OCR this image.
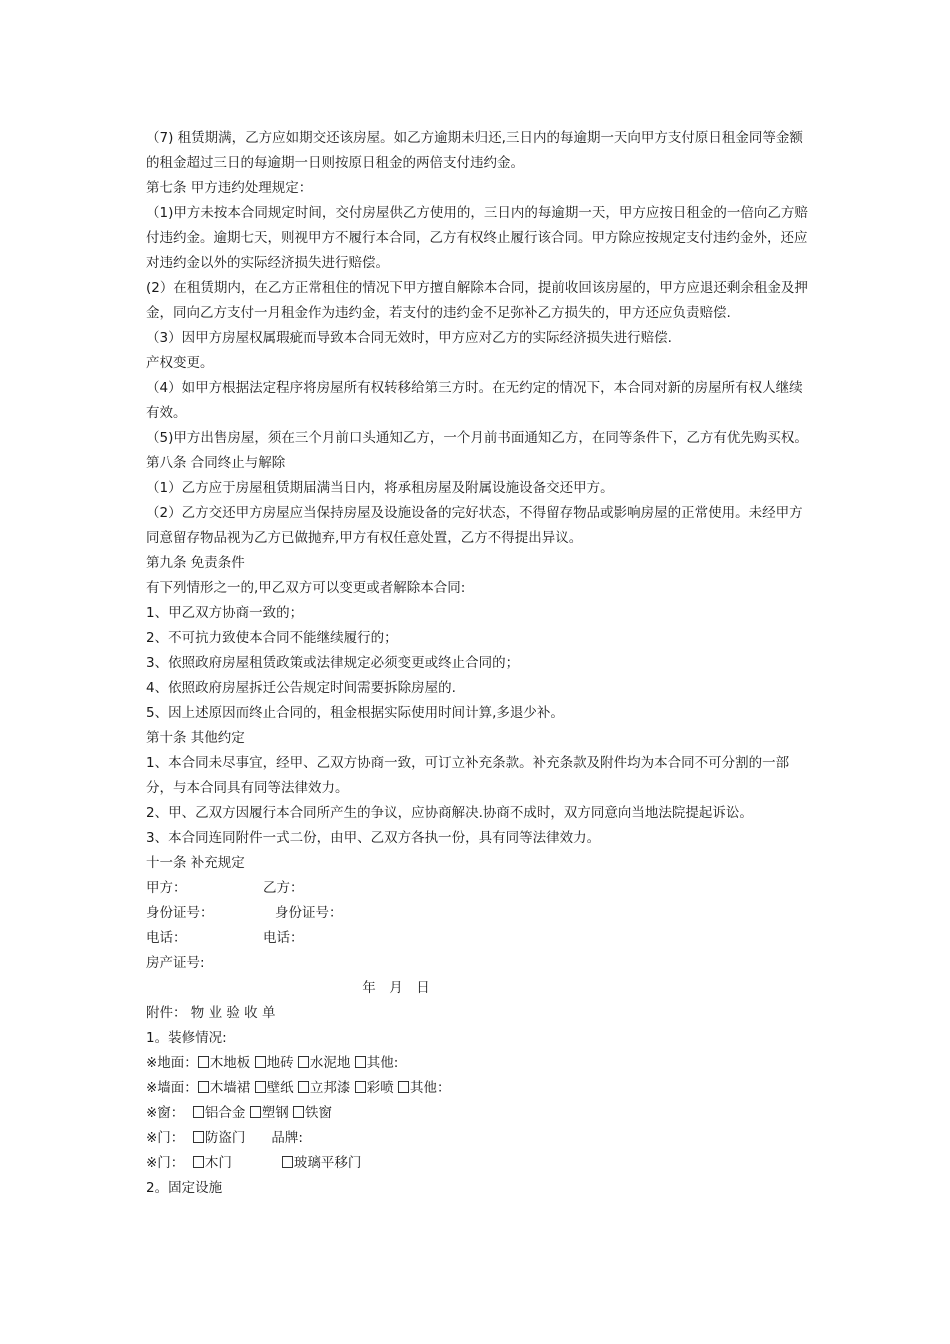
（7) 租赁期满，乙方应如期交还该房屋。如乙方逾期未归还,三日内的每逾期一天向甲方支付原日租金同等金额的租金超过三日的每逾期一日则按原日租金的两倍支付违约金。
第七条 甲方违约处理规定：
（1)甲方未按本合同规定时间，交付房屋供乙方使用的，三日内的每逾期一天，甲方应按日租金的一倍向乙方赔付违约金。逾期七天，则视甲方不履行本合同，乙方有权终止履行该合同。甲方除应按规定支付违约金外，还应对违约金以外的实际经济损失进行赔偿。
(2）在租赁期内，在乙方正常租住的情况下甲方擅自解除本合同，提前收回该房屋的，甲方应退还剩余租金及押金，同向乙方支付一月租金作为违约金，若支付的违约金不足弥补乙方损失的，甲方还应负责赔偿.
（3）因甲方房屋权属瑕疵而导致本合同无效时，甲方应对乙方的实际经济损失进行赔偿.
产权变更。
（4）如甲方根据法定程序将房屋所有权转移给第三方时。在无约定的情况下，本合同对新的房屋所有权人继续有效。
（5)甲方出售房屋，须在三个月前口头通知乙方，一个月前书面通知乙方，在同等条件下，乙方有优先购买权。
第八条 合同终止与解除
（1）乙方应于房屋租赁期届满当日内，将承租房屋及附属设施设备交还甲方。
（2）乙方交还甲方房屋应当保持房屋及设施设备的完好状态，不得留存物品或影响房屋的正常使用。未经甲方同意留存物品视为乙方已做抛弃,甲方有权任意处置，乙方不得提出异议。
第九条 免责条件
有下列情形之一的,甲乙双方可以变更或者解除本合同:
1、甲乙双方协商一致的；
2、不可抗力致使本合同不能继续履行的；
3、依照政府房屋租赁政策或法律规定必须变更或终止合同的；
4、依照政府房屋拆迁公告规定时间需要拆除房屋的.
5、因上述原因而终止合同的，租金根据实际使用时间计算,多退少补。
第十条 其他约定
1、本合同未尽事宜，经甲、乙双方协商一致，可订立补充条款。补充条款及附件均为本合同不可分割的一部分，与本合同具有同等法律效力。
2、甲、乙双方因履行本合同所产生的争议，应协商解决.协商不成时，双方同意向当地法院提起诉讼。
3、本合同连同附件一式二份，由甲、乙双方各执一份，具有同等法律效力。
十一条 补充规定
甲方：	乙方：
身份证号：	身份证号：
电话：	电话：
房产证号:
年　月　日
附件： 物 业 验 收 单
1。装修情况:
※地面： 木地板 地砖 水泥地 其他:
※墙面： 木墙裙 壁纸 立邦漆 彩喷 其他：
※窗： 铝合金 塑钢 铁窗
※门： 防盗门 品牌:
※门： 木门	玻璃平移门
2。固定设施
